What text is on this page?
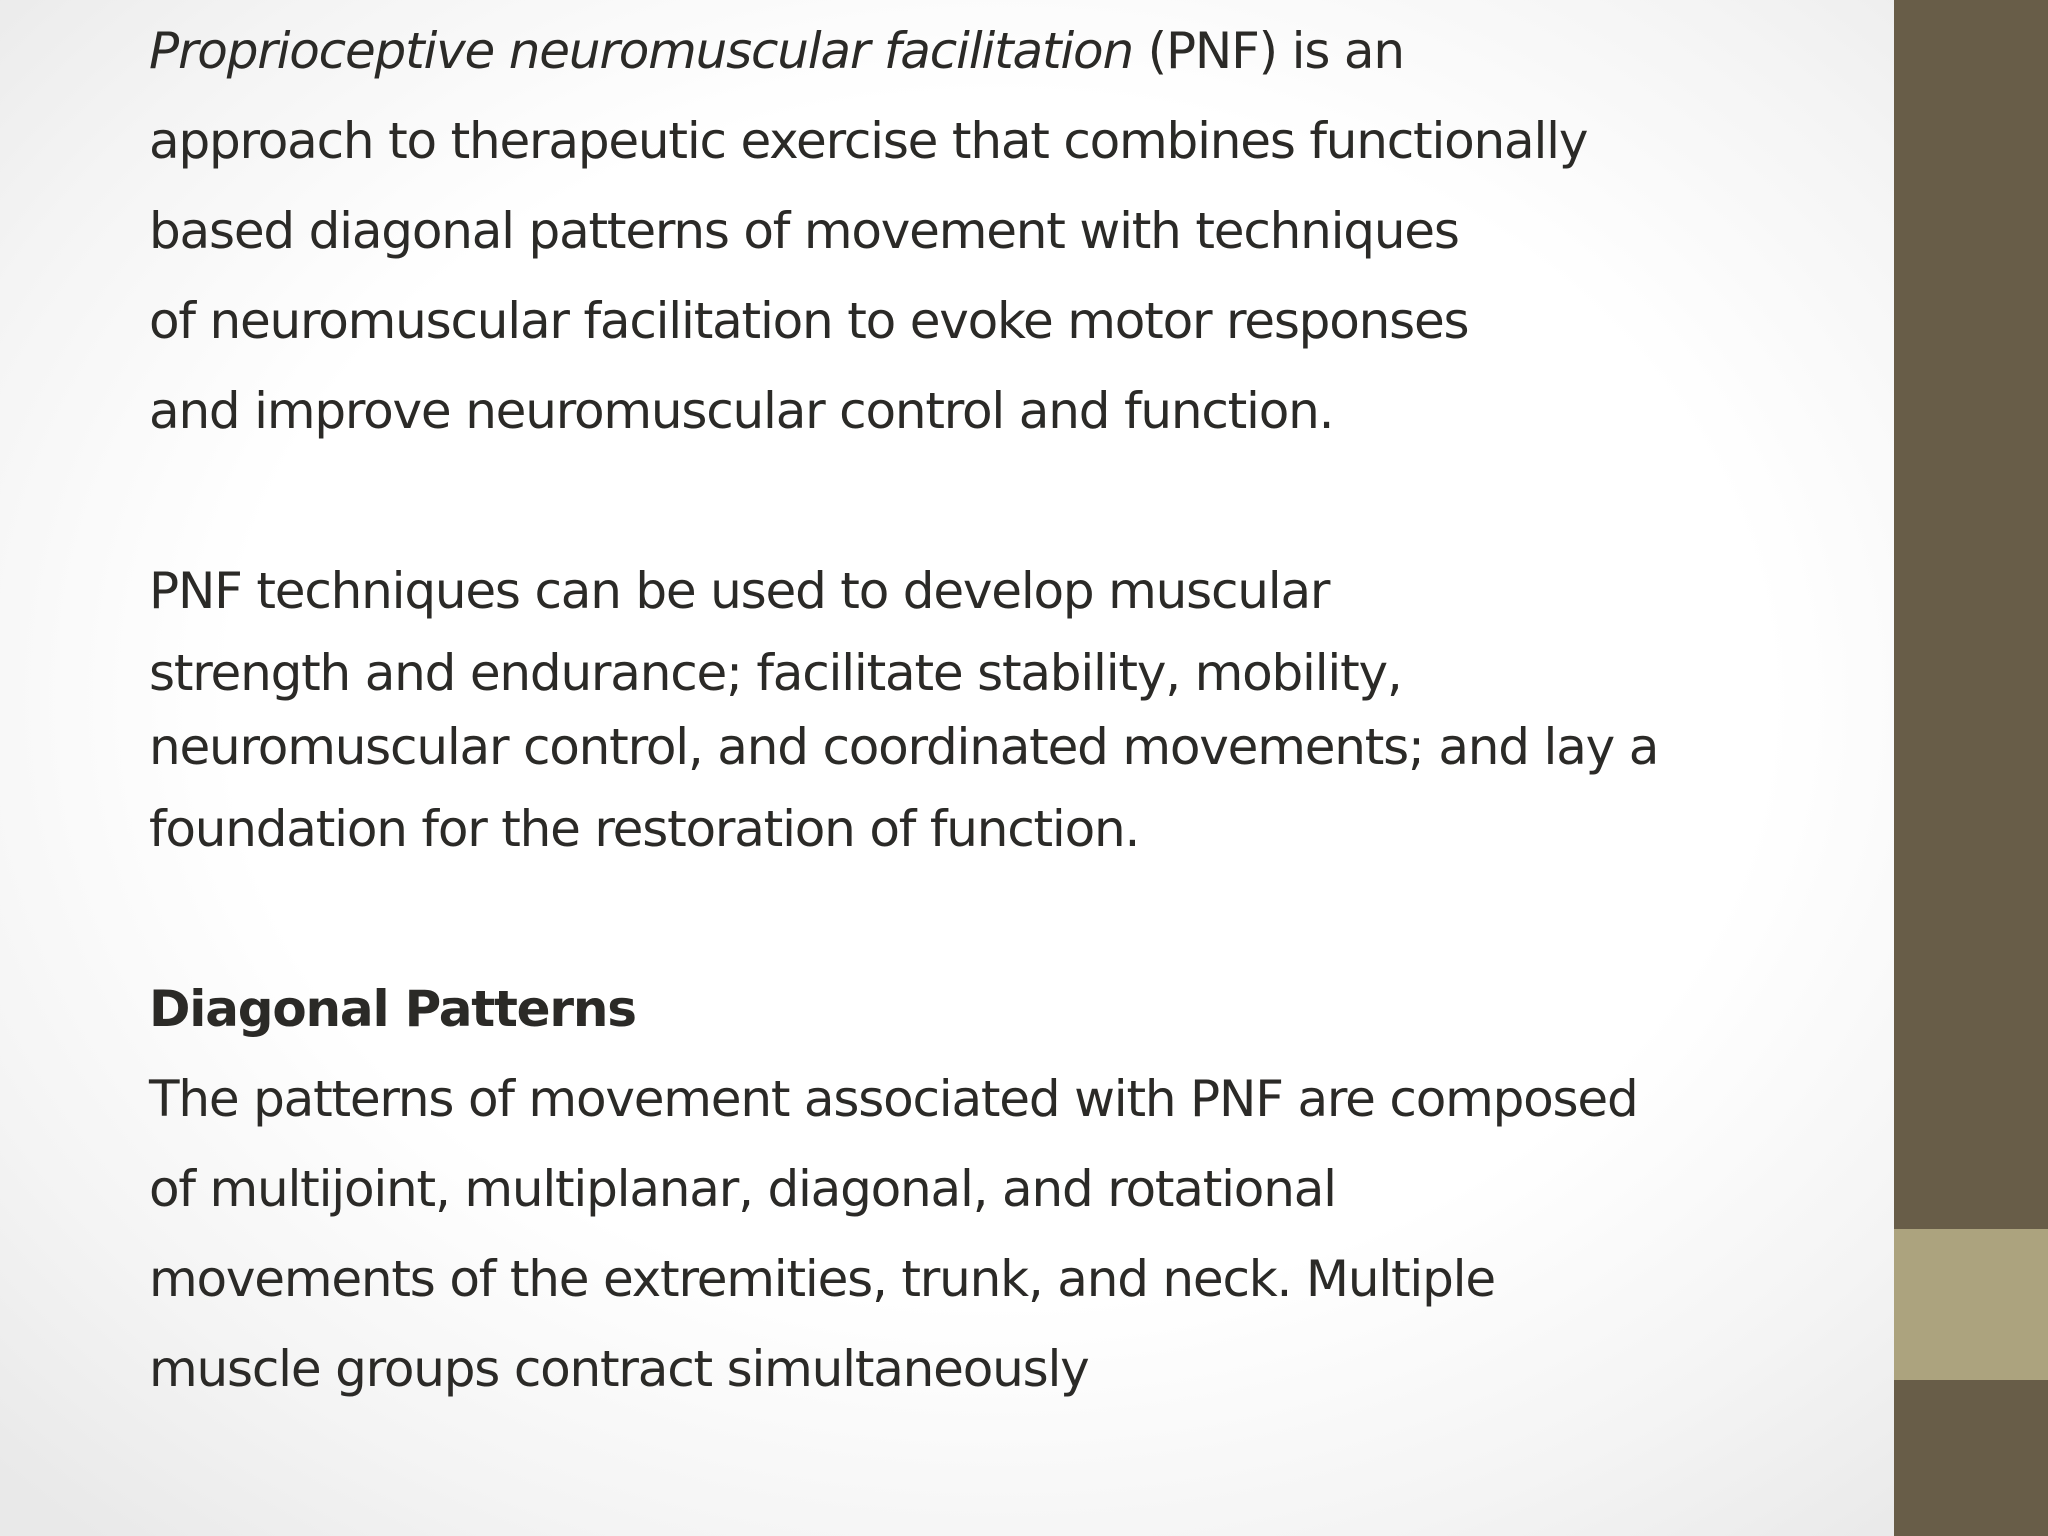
Proprioceptive neuromuscular facilitation (PNF) is an
approach to therapeutic exercise that combines functionally
based diagonal patterns of movement with techniques
of neuromuscular facilitation to evoke motor responses
and improve neuromuscular control and function.
PNF techniques can be used to develop muscular
strength and endurance; facilitate stability, mobility,
neuromuscular control, and coordinated movements; and lay a
foundation for the restoration of function.
Diagonal Patterns
The patterns of movement associated with PNF are composed
of multijoint, multiplanar, diagonal, and rotational
movements of the extremities, trunk, and neck. Multiple
muscle groups contract simultaneously
